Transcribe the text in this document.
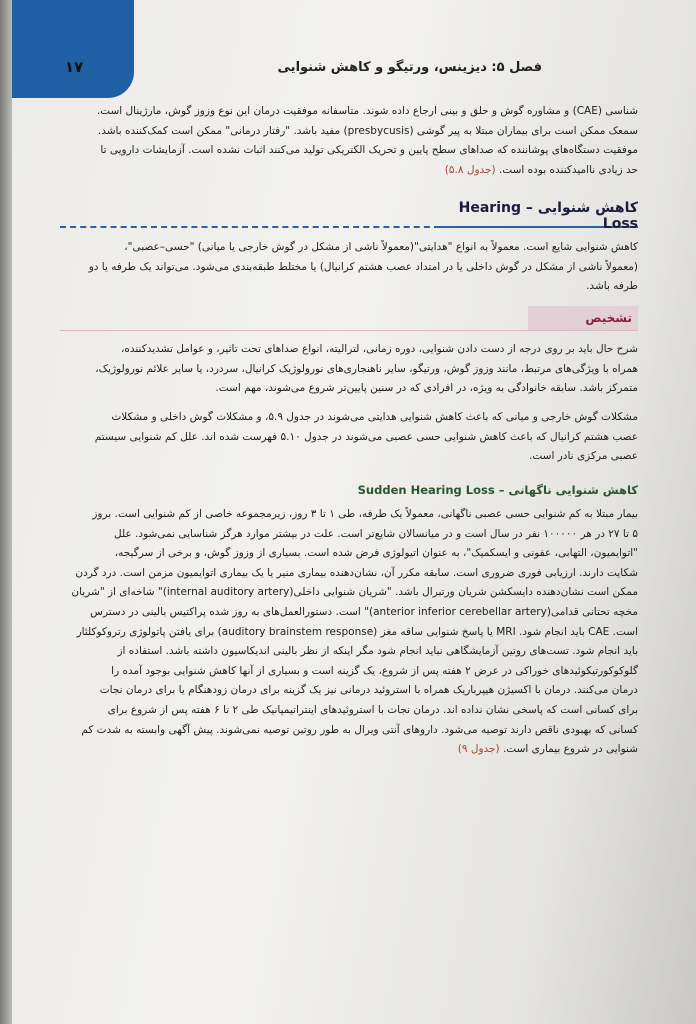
۱۷	فصل ۵: دیزینس، ورتیگو و کاهش شنوایی

شناسی (CAE) و مشاوره گوش و حلق و بینی ارجاع داده شوند. متاسفانه موفقیت درمان این نوع وزوز گوش، مارژینال است.

سمعک ممکن است برای بیماران مبتلا به پیر گوشی (presbycusis) مفید باشد. "رفتار درمانی" ممکن است کمک‌کننده باشد.

موفقیت دستگاه‌های پوشاننده که صداهای سطح پایین و تحریک الکتریکی تولید می‌کنند اثبات نشده است. آزمایشات دارویی تا

حد زیادی ناامیدکننده بوده است. (جدول ۵.۸)

کاهش شنوایی – Hearing Loss

کاهش شنوایی شایع است. معمولاً به انواع "هدایتی"(معمولاً ناشی از مشکل در گوش خارجی یا میانی) "حسی–عصبی"،

(معمولاً ناشی از مشکل در گوش داخلی یا در امتداد عصب هشتم کرانیال) یا مختلط طبقه‌بندی می‌شود. می‌تواند یک طرفه یا دو

طرفه باشد.

تشخیص

شرح حال باید بر روی درجه از دست دادن شنوایی، دوره زمانی، لترالیته، انواع صداهای تحت تاثیر، و عوامل تشدیدکننده،

همراه با ویژگی‌های مرتبط، مانند وزوز گوش، ورتیگو، سایر ناهنجاری‌های نورولوژیک کرانیال، سردرد، یا سایر علائم نورولوژیک،

متمرکز باشد. سابقه خانوادگی به ویژه، در افرادی که در سنین پایین‌تر شروع می‌شوند، مهم است.

مشکلات گوش خارجی و میانی که باعث کاهش شنوایی هدایتی می‌شوند در جدول ۵.۹، و مشکلات گوش داخلی و مشکلات

عصب هشتم کرانیال که باعث کاهش شنوایی حسی عصبی می‌شوند در جدول ۵.۱۰ فهرست شده اند. علل کم شنوایی سیستم

عصبی مرکزی نادر است.

کاهش شنوایی ناگهانی – Sudden Hearing Loss

بیمار مبتلا به کم شنوایی حسی عصبی ناگهانی، معمولاً یک طرفه، طی ۱ تا ۳ روز، زیرمجموعه خاصی از کم شنوایی است. بروز

۵ تا ۲۷ در هر ۱۰۰۰۰۰ نفر در سال است و در میانسالان شایع‌تر است. علت در بیشتر موارد هرگز شناسایی نمی‌شود. علل

"اتوایمیون، التهابی، عفونی و ایسکمیک"، به عنوان اتیولوژی فرض شده است. بسیاری از وزوز گوش، و برخی از سرگیجه،

شکایت دارند. ارزیابی فوری ضروری است. سابقه مکرر آن، نشان‌دهنده بیماری منیر یا یک بیماری اتوایمیون مزمن است. درد گردن

ممکن است نشان‌دهنده دایسکشن شریان ورتبرال باشد. "شریان شنوایی داخلی(internal auditory artery)" شاخه‌ای از "شریان

مخچه تحتانی قدامی(anterior inferior cerebellar artery)" است. دستورالعمل‌های به روز شده پراکتیس بالینی در دسترس

است. CAE باید انجام شود. MRI یا پاسخ شنوایی ساقه مغز (auditory brainstem response) برای یافتن پاتولوژی رتروکوکلئار

باید انجام شود. تست‌های روتین آزمایشگاهی نباید انجام شود مگر اینکه از نظر بالینی اندیکاسیون داشته باشد. استفاده از

گلوکوکورتیکوئیدهای خوراکی در عرض ۲ هفته پس از شروع، یک گزینه است و بسیاری از آنها کاهش شنوایی بوجود آمده را

درمان می‌کنند. درمان با اکسیژن هیپرباریک همراه با استروئید درمانی نیز یک گزینه برای درمان زودهنگام یا برای درمان نجات

برای کسانی است که پاسخی نشان نداده اند. درمان نجات با استروئیدهای اینتراتیمپانیک طی ۲ تا ۶ هفته پس از شروع برای

کسانی که بهبودی ناقص دارند توصیه می‌شود. داروهای آنتی ویرال به طور روتین توصیه نمی‌شوند. پیش آگهی وابسته به شدت کم

شنوایی در شروع بیماری است. (جدول ۹)
